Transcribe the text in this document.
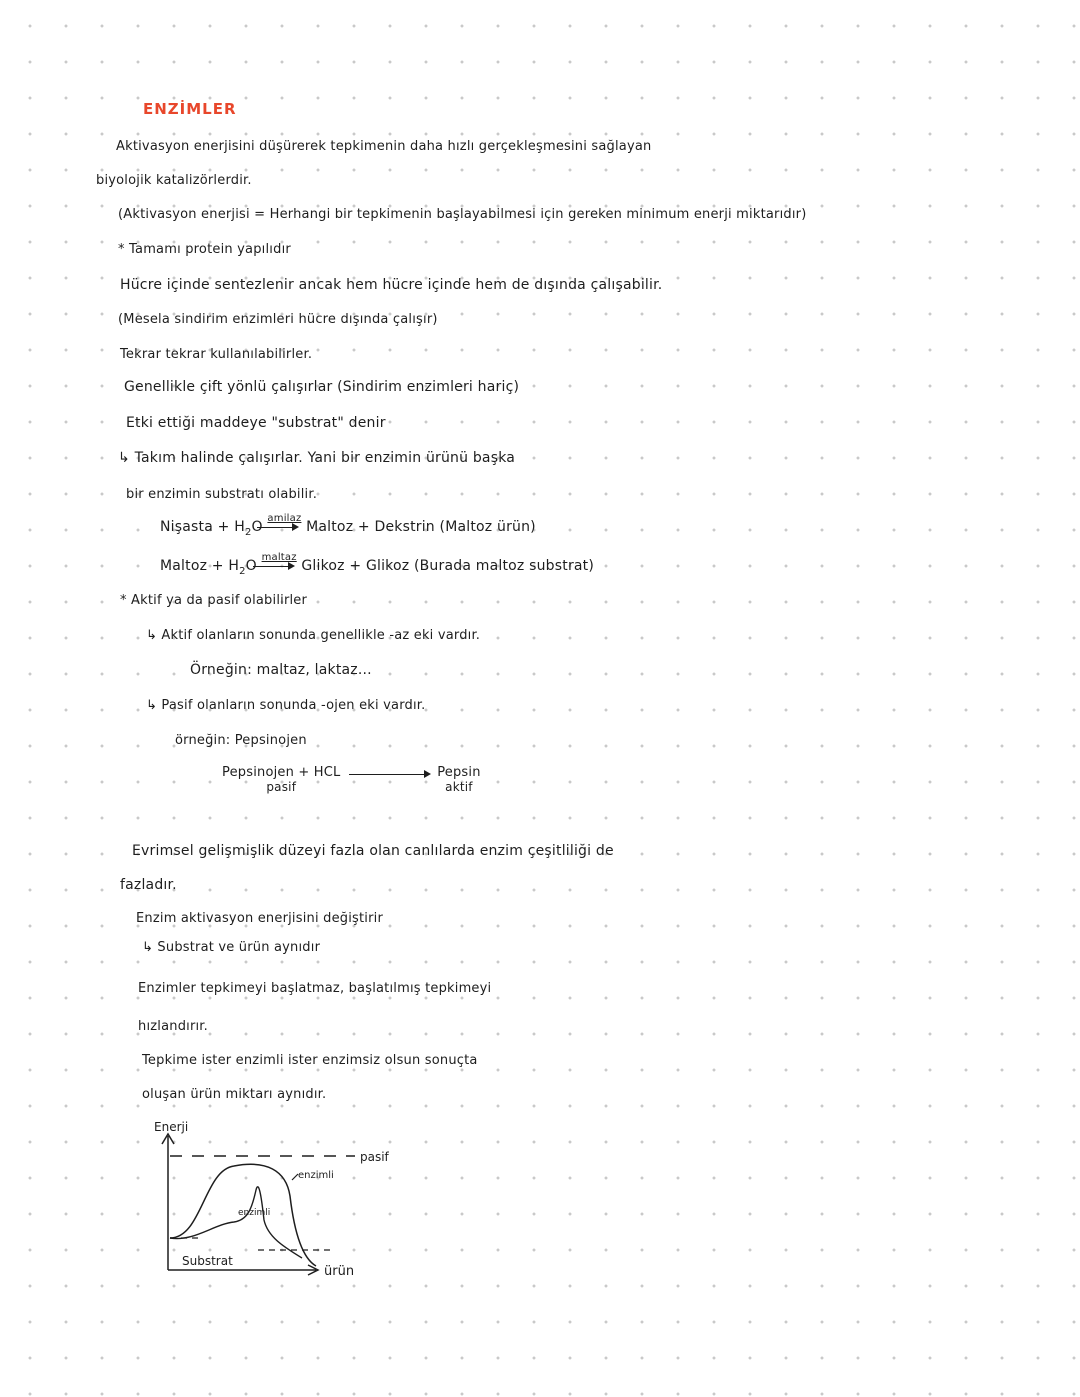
ENZİMLER
Aktivasyon enerjisini düşürerek tepkimenin daha hızlı gerçekleşmesini sağlayan
biyolojik katalizörlerdir.
(Aktivasyon enerjisi = Herhangi bir tepkimenin başlayabilmesi için gereken minimum enerji miktarıdır)
* Tamamı protein yapılıdır
Hücre içinde sentezlenir ancak hem hücre içinde hem de dışında çalışabilir.
(Mesela sindirim enzimleri hücre dışında çalışır)
Tekrar tekrar kullanılabilirler.
Genellikle çift yönlü çalışırlar (Sindirim enzimleri hariç)
Etki ettiği maddeye "substrat" denir
↳ Takım halinde çalışırlar. Yani bir enzimin ürünü başka
bir enzimin substratı olabilir.
Nişasta + $H_2O$ $^{amilaz}$→ Maltoz + Dekstrin (Maltoz ürün)
Maltoz + $H_2O$ $^{maltaz}$→ Glikoz + Glikoz (Burada maltoz substrat)
* Aktif ya da pasif olabilirler
↳ Aktif olanların sonunda genellikle -az eki vardır.
Örneğin: maltaz, laktaz...
↳ Pasif olanların sonunda -ojen eki vardır.
örneğin: Pepsinojen
Pepsinojen + HCL
pasif  Pepsin
aktif
Evrimsel gelişmişlik düzeyi fazla olan canlılarda enzim çeşitliliği de
fazladır.
Enzim aktivasyon enerjisini değiştirir
↳ Substrat ve ürün aynıdır
Enzimler tepkimeyi başlatmaz, başlatılmış tepkimeyi
hızlandırır.
Tepkime ister enzimli ister enzimsiz olsun sonuçta
oluşan ürün miktarı aynıdır.
Enerji
pasif
enzimli
enzimli
Substrat
ürün
